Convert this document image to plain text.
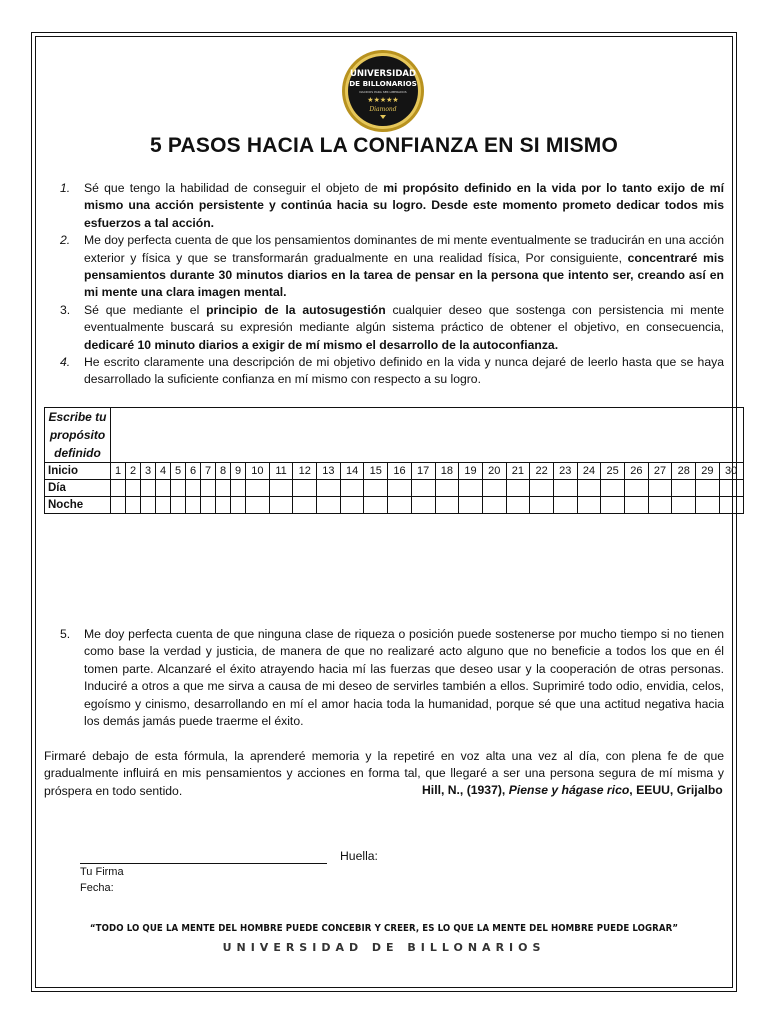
UNIVERSIDAD
DE BILLONARIOS
NACIDOS PARA SER LIBERADOS
★★★★★
Diamond
5 PASOS HACIA LA CONFIANZA EN SI MISMO
1.	Sé que tengo la habilidad de conseguir el objeto de mi propósito definido en la vida por lo tanto exijo de mí mismo una acción persistente y continúa hacia su logro. Desde este momento prometo dedicar todos mis esfuerzos a tal acción.
2.	Me doy perfecta cuenta de que los pensamientos dominantes de mi mente eventualmente se traducirán en una acción exterior y física y que se transformarán gradualmente en una realidad física, Por consiguiente, concentraré mis pensamientos durante 30 minutos diarios en la tarea de pensar en la persona que intento ser, creando así en mi mente una clara imagen mental.
3.	Sé que mediante el principio de la autosugestión cualquier deseo que sostenga con persistencia mi mente eventualmente buscará su expresión mediante algún sistema práctico de obtener el objetivo, en consecuencia, dedicaré 10 minuto diarios a exigir de mí mismo el desarrollo de la autoconfianza.
4.	He escrito claramente una descripción de mi objetivo definido en la vida y nunca dejaré de leerlo hasta que se haya desarrollado la suficiente confianza en mí mismo con respecto a su logro.
Escribe tu propósito definido																														
Inicio	1	2	3	4	5	6	7	8	9	10	11	12	13	14	15	16	17	18	19	20	21	22	23	24	25	26	27	28	29	30
Día																														
Noche																														
5. Me doy perfecta cuenta de que ninguna clase de riqueza o posición puede sostenerse por mucho tiempo si no tienen como base la verdad y justicia, de manera de que no realizaré acto alguno que no beneficie a todos los que en él tomen parte. Alcanzaré el éxito atrayendo hacia mí las fuerzas que deseo usar y la cooperación de otras personas. Induciré a otros a que me sirva a causa de mi deseo de servirles también a ellos. Suprimiré todo odio, envidia, celos, egoísmo y cinismo, desarrollando en mí el amor hacia toda la humanidad, porque sé que una actitud negativa hacia los demás jamás puede traerme el éxito.
Firmaré debajo de esta fórmula, la aprenderé memoria y la repetiré en voz alta una vez al día, con plena fe de que gradualmente influirá en mis pensamientos y acciones en forma tal, que llegaré a ser una persona segura de mí misma y próspera en todo sentido.	Hill, N., (1937), Piense y hágase rico, EEUU, Grijalbo
Huella:
Tu Firma
Fecha:
“TODO LO QUE LA MENTE DEL HOMBRE PUEDE CONCEBIR Y CREER, ES LO QUE LA MENTE DEL HOMBRE PUEDE LOGRAR”
UNIVERSIDAD DE BILLONARIOS
